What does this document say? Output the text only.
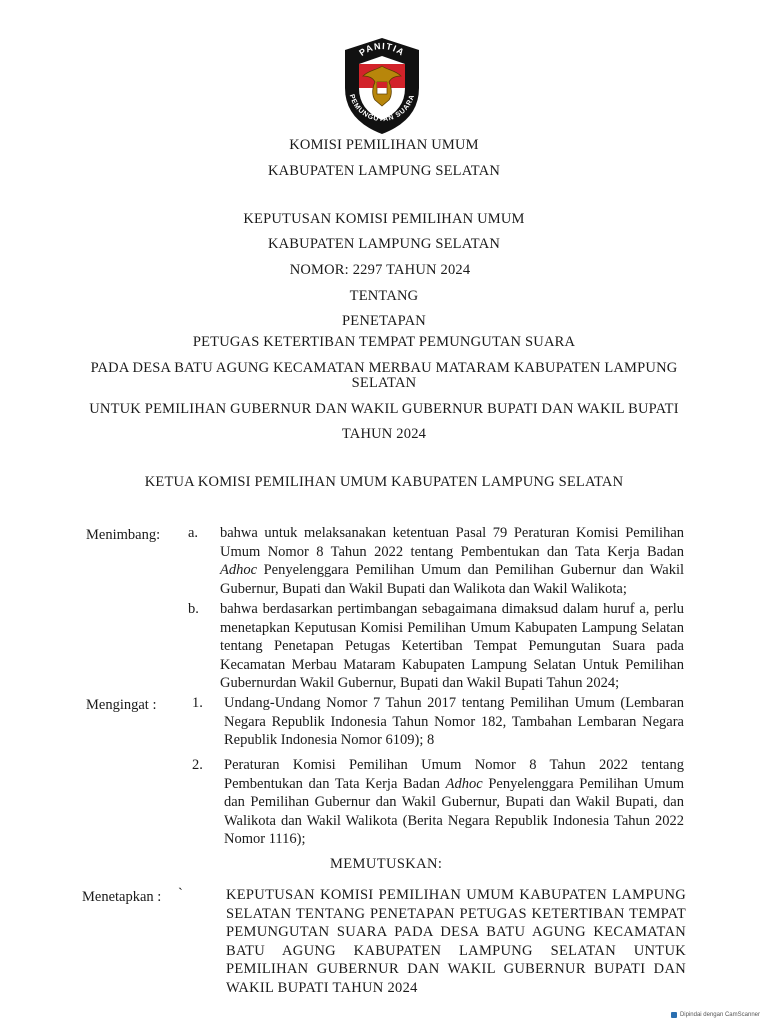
PANITIA
PEMUNGUTAN SUARA
KOMISI PEMILIHAN UMUM
KABUPATEN LAMPUNG SELATAN
KEPUTUSAN KOMISI PEMILIHAN UMUM
KABUPATEN LAMPUNG SELATAN
NOMOR: 2297 TAHUN 2024
TENTANG
PENETAPAN
PETUGAS KETERTIBAN TEMPAT PEMUNGUTAN SUARA
PADA DESA BATU AGUNG KECAMATAN MERBAU MATARAM KABUPATEN LAMPUNG
SELATAN
UNTUK PEMILIHAN GUBERNUR DAN WAKIL GUBERNUR BUPATI DAN WAKIL BUPATI
TAHUN 2024
KETUA KOMISI PEMILIHAN UMUM KABUPATEN LAMPUNG SELATAN
Menimbang: a. bahwa untuk melaksanakan ketentuan Pasal 79 Peraturan Komisi Pemilihan Umum Nomor 8 Tahun 2022 tentang Pembentukan dan Tata Kerja Badan Adhoc Penyelenggara Pemilihan Umum dan Pemilihan Gubernur dan Wakil Gubernur, Bupati dan Wakil Bupati dan Walikota dan Wakil Walikota;
b. bahwa berdasarkan pertimbangan sebagaimana dimaksud dalam huruf a, perlu menetapkan Keputusan Komisi Pemilihan Umum Kabupaten Lampung Selatan tentang Penetapan Petugas Ketertiban Tempat Pemungutan Suara pada Kecamatan Merbau Mataram Kabupaten Lampung Selatan Untuk Pemilihan Gubernurdan Wakil Gubernur, Bupati dan Wakil Bupati Tahun 2024;
Mengingat : 1. Undang-Undang Nomor 7 Tahun 2017 tentang Pemilihan Umum (Lembaran Negara Republik Indonesia Tahun Nomor 182, Tambahan Lembaran Negara Republik Indonesia Nomor 6109); 8
2. Peraturan Komisi Pemilihan Umum Nomor 8 Tahun 2022 tentang Pembentukan dan Tata Kerja Badan Adhoc Penyelenggara Pemilihan Umum dan Pemilihan Gubernur dan Wakil Gubernur, Bupati dan Wakil Bupati, dan Walikota dan Wakil Walikota (Berita Negara Republik Indonesia Tahun 2022 Nomor 1116);
MEMUTUSKAN:
Menetapkan : `	KEPUTUSAN KOMISI PEMILIHAN UMUM KABUPATEN LAMPUNG SELATAN TENTANG PENETAPAN PETUGAS KETERTIBAN TEMPAT PEMUNGUTAN SUARA PADA DESA BATU AGUNG KECAMATAN BATU AGUNG KABUPATEN LAMPUNG SELATAN UNTUK PEMILIHAN GUBERNUR DAN WAKIL GUBERNUR BUPATI DAN WAKIL BUPATI TAHUN 2024
Dipindai dengan CamScanner
